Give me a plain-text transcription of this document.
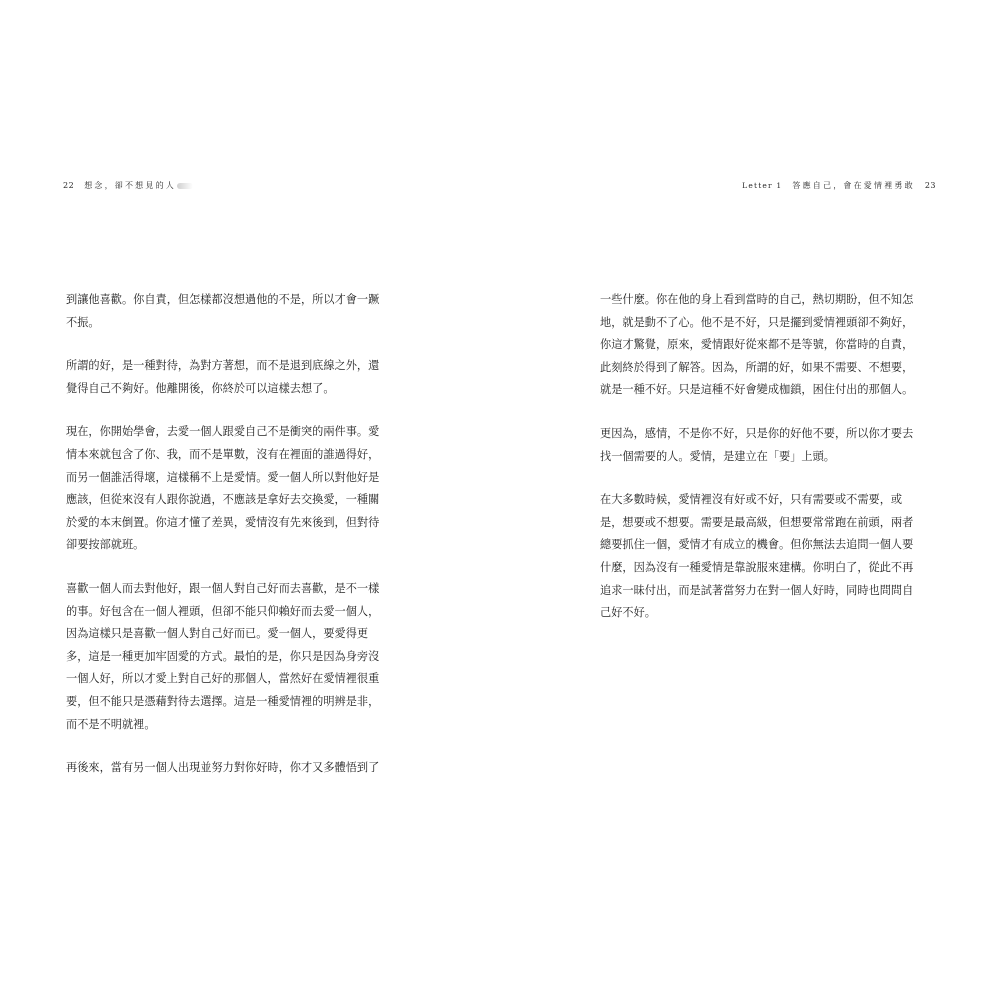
22 想念，卻不想見的人
到讓他喜歡。你自責，但怎樣都沒想過他的不是，所以才會一蹶
不振。
所謂的好，是一種對待，為對方著想，而不是退到底線之外，還
覺得自己不夠好。他離開後，你終於可以這樣去想了。
現在，你開始學會，去愛一個人跟愛自己不是衝突的兩件事。愛
情本來就包含了你、我，而不是單數，沒有在裡面的誰過得好，
而另一個誰活得壞，這樣稱不上是愛情。愛一個人所以對他好是
應該，但從來沒有人跟你說過，不應該是拿好去交換愛，一種關
於愛的本末倒置。你這才懂了差異，愛情沒有先來後到，但對待
卻要按部就班。
喜歡一個人而去對他好，跟一個人對自己好而去喜歡，是不一樣
的事。好包含在一個人裡頭，但卻不能只仰賴好而去愛一個人，
因為這樣只是喜歡一個人對自己好而已。愛一個人，要愛得更
多，這是一種更加牢固愛的方式。最怕的是，你只是因為身旁沒
一個人好，所以才愛上對自己好的那個人，當然好在愛情裡很重
要，但不能只是憑藉對待去選擇。這是一種愛情裡的明辨是非，
而不是不明就裡。
再後來，當有另一個人出現並努力對你好時，你才又多體悟到了
Letter 1 答應自己，會在愛情裡勇敢 23
一些什麼。你在他的身上看到當時的自己，熱切期盼，但不知怎
地，就是動不了心。他不是不好，只是擺到愛情裡頭卻不夠好，
你這才驚覺，原來，愛情跟好從來都不是等號，你當時的自責，
此刻終於得到了解答。因為，所謂的好，如果不需要、不想要，
就是一種不好。只是這種不好會變成枷鎖，困住付出的那個人。
更因為，感情，不是你不好，只是你的好他不要，所以你才要去
找一個需要的人。愛情，是建立在「要」上頭。
在大多數時候，愛情裡沒有好或不好，只有需要或不需要，或
是，想要或不想要。需要是最高級，但想要常常跑在前頭，兩者
總要抓住一個，愛情才有成立的機會。但你無法去追問一個人要
什麼，因為沒有一種愛情是靠說服來建構。你明白了，從此不再
追求一昧付出，而是試著當努力在對一個人好時，同時也問問自
己好不好。
